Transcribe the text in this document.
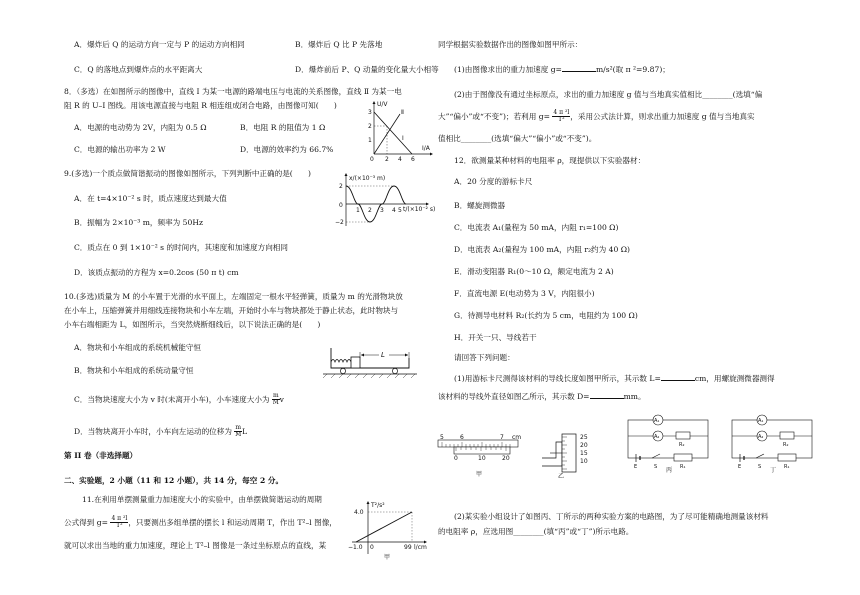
A．爆炸后 Q 的运动方向一定与 P 的运动方向相同	B．爆炸后 Q 比 P 先落地
C．Q 的落地点到爆炸点的水平距离大	D．爆炸前后 P、Q 动量的变化量大小相等
8．（多选）在如图所示的图像中，直线 Ⅰ 为某一电源的路端电压与电流的关系图像，直线 Ⅱ 为某一电
阻 R 的 U–I 图线。用该电源直接与电阻 R 相连组成闭合电路，由图像可知(　　)
A．电源的电动势为 2V，内阻为 0.5 Ω	B．电阻 R 的阻值为 1 Ω
C．电源的输出功率为 2 W	D．电源的效率约为 66.7%
U/V
I/A
3
2
1
0 2 4 6
Ⅰ
Ⅱ
9.(多选)一个质点做简谐振动的图像如图所示，下列判断中正确的是(　　)
A．在 t=4×10⁻² s 时，质点速度达到最大值
B．振幅为 2×10⁻³ m，频率为 50Hz
C．质点在 0 到 1×10⁻² s 的时间内，其速度和加速度方向相同
D．该质点振动的方程为 x=0.2cos (50 π t) cm
x/(×10⁻³ m)
t/(×10⁻² s)
2
0
−2
1 2 3 4 5
10.(多选)质量为 M 的小车置于光滑的水平面上，左端固定一根水平轻弹簧，质量为 m 的光滑物块放
在小车上，压缩弹簧并用细线连接物块和小车左端，开始时小车与物块都处于静止状态，此时物块与
小车右端相距为 L，如图所示，当突然烧断细线后，以下说法正确的是(　　)
A．物块和小车组成的系统机械能守恒
B．物块和小车组成的系统动量守恒
C．当物块速度大小为 v 时(未离开小车)，小车速度大小为 $\frac{m}{M}$ v
D．当物块离开小车时，小车向左运动的位移为 $\frac{m}{M}$ L
L
第 II 卷（非选择题）
二、实验题，2 小题（11 和 12 小题），共 14 分，每空 2 分。
11.在利用单摆测量重力加速度大小的实验中，由单摆做简谐运动的周期
公式得到 $g= \frac{\text{4 π ²l}}{\text{T²}}$ ，只要测出多组单摆的摆长 l 和运动周期 T，作出 T²–l 图像，
就可以求出当地的重力加速度，理论上 T²–l 图像是一条过坐标原点的直线，某
T²/s²
4.0
−1.0 0	99 l/cm
甲
同学根据实验数据作出的图像如图甲所示：
(1)由图像求出的重力加速度 g=	m/s²(取 π ²=9.87)；
(2)由于图像没有通过坐标原点，求出的重力加速度 g 值与当地真实值相比________(选填“偏
大”“偏小”或“不变”)；若利用 $g= \frac{\text{4 π ²l}}{\text{T²}}$ ，采用公式法计算，则求出重力加速度 g 值与当地真实
值相比________(选填“偏大”“偏小”或“不变”)。
12．欲测量某种材料的电阻率 ρ，现提供以下实验器材：
A．20 分度的游标卡尺
B．螺旋测微器
C．电流表 A₁(量程为 50 mA，内阻 r₁=100 Ω)
D．电流表 A₂(量程为 100 mA，内阻 r₂约为 40 Ω)
E．滑动变阻器 R₁(0～10 Ω，额定电流为 2 A)
F．直流电源 E(电动势为 3 V，内阻很小)
G．待测导电材料 R₂(长约为 5 cm，电阻约为 100 Ω)
H．开关一只、导线若干
请回答下列问题：
(1)用游标卡尺测得该材料的导线长度如图甲所示，其示数 L=	cm，用螺旋测微器测得
该材料的导线外直径如图乙所示，其示数 D=	mm。
5	6	7 cm
0	10	20
甲
25
20
15
10
乙
A₁
A₂
R₂
E	S	R₁
丙
A₁
A₂
R₂
E	S	R₁
丁
(2)某实验小组设计了如图丙、丁所示的两种实验方案的电路图，为了尽可能精确地测量该材料
的电阻率 ρ，应选用图________(填“丙”或“丁”)所示电路。
